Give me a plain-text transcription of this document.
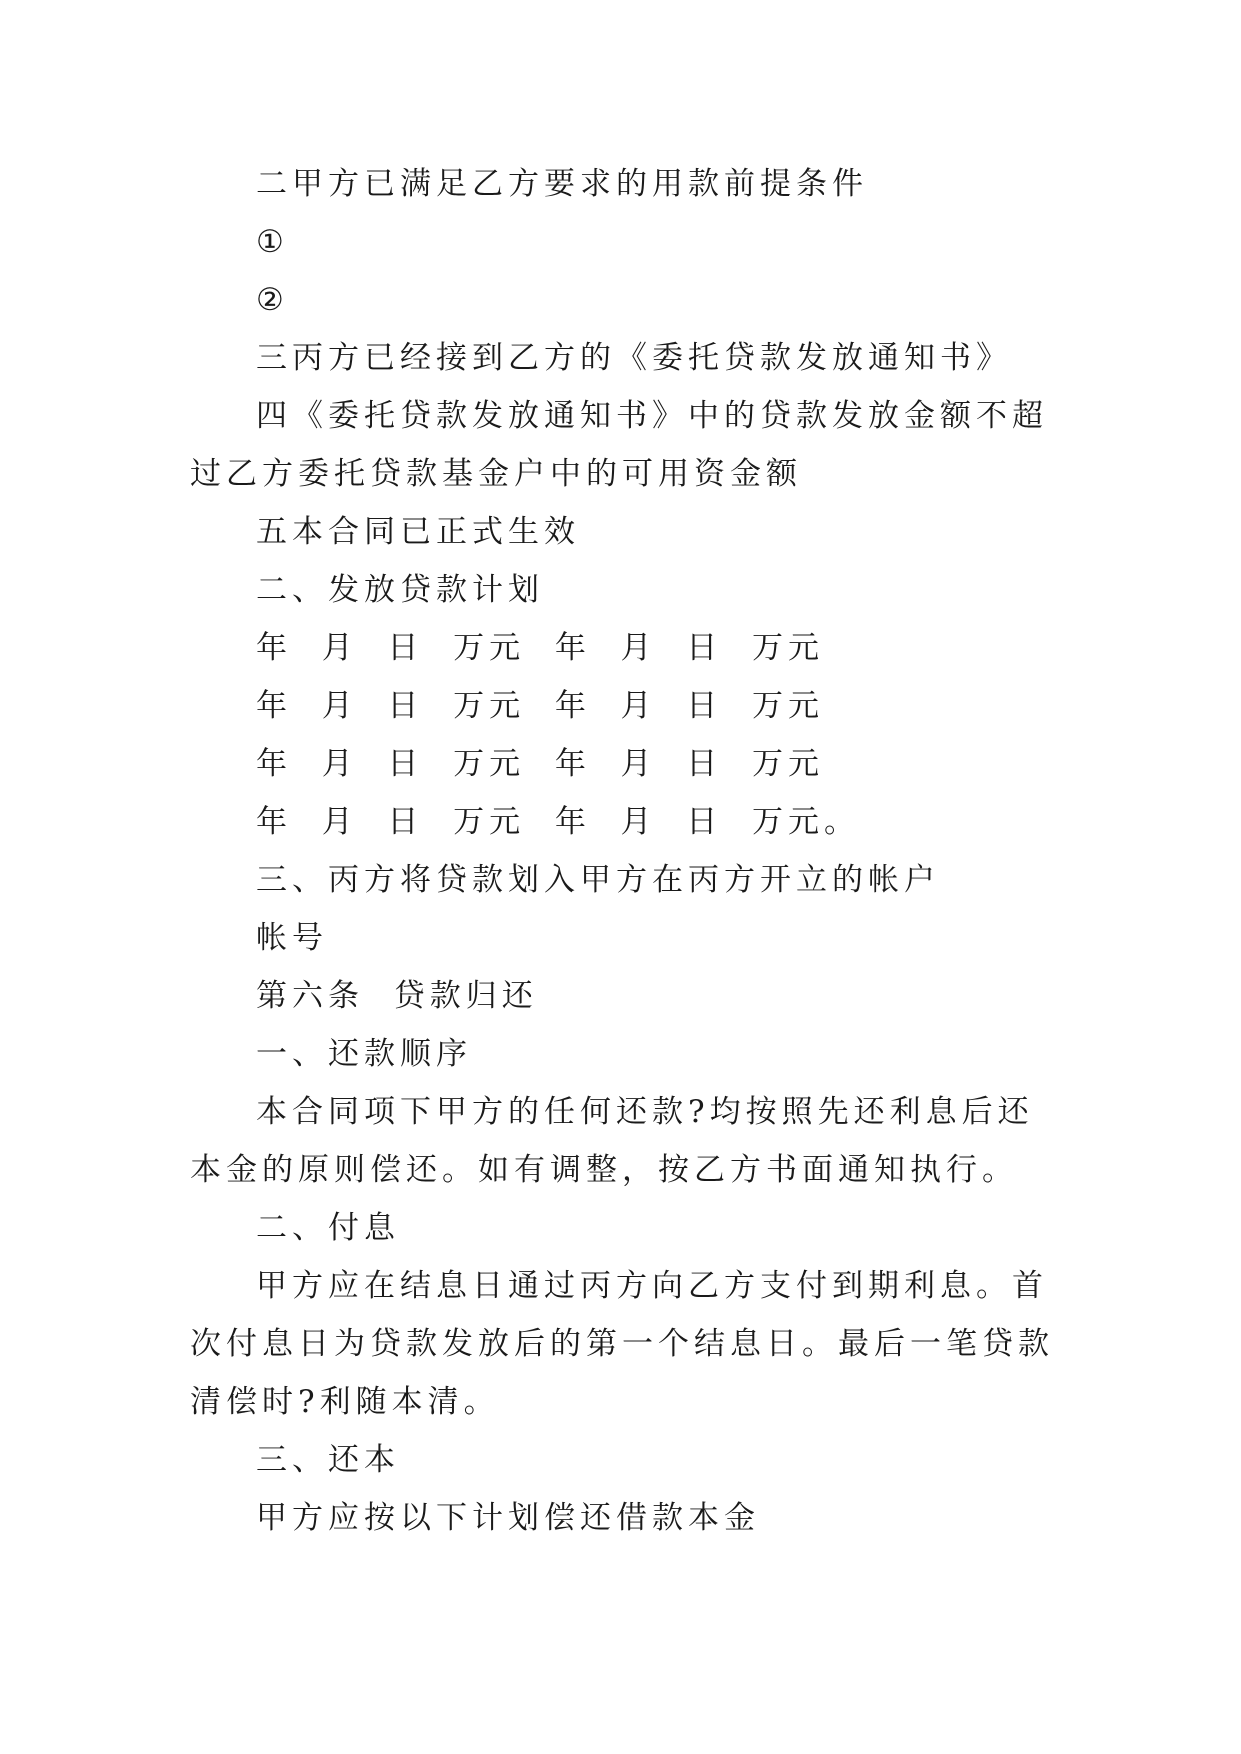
二甲方已满足乙方要求的用款前提条件

①

②

三丙方已经接到乙方的《委托贷款发放通知书》

四《委托贷款发放通知书》中的贷款发放金额不超过乙方委托贷款基金户中的可用资金额

五本合同已正式生效

二、发放贷款计划

年  月  日  万元  年  月  日  万元

年  月  日  万元  年  月  日  万元

年  月  日  万元  年  月  日  万元

年  月  日  万元  年  月  日  万元。

三、丙方将贷款划入甲方在丙方开立的帐户

帐号

第六条  贷款归还

一、还款顺序

本合同项下甲方的任何还款?均按照先还利息后还本金的原则偿还。如有调整，按乙方书面通知执行。

二、付息

甲方应在结息日通过丙方向乙方支付到期利息。首次付息日为贷款发放后的第一个结息日。最后一笔贷款清偿时?利随本清。

三、还本

甲方应按以下计划偿还借款本金
